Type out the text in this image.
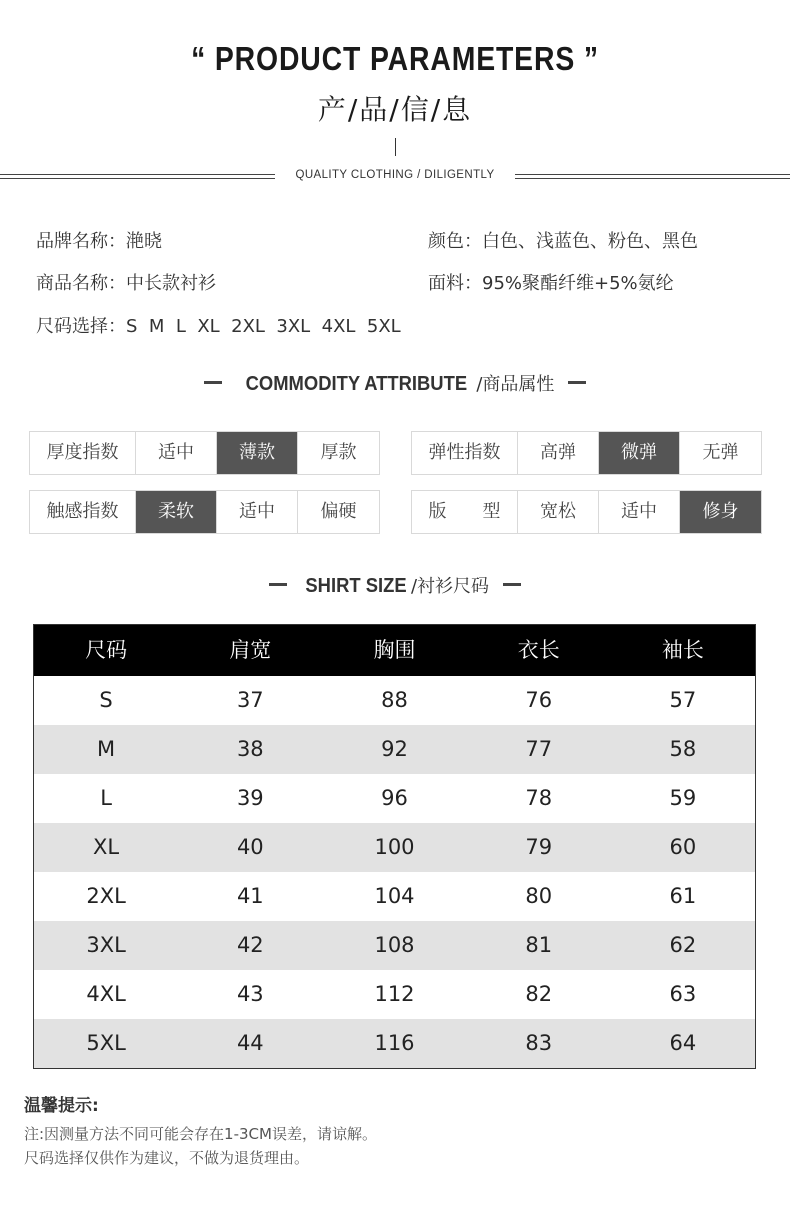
“ PRODUCT PARAMETERS ”
产/品/信/息
QUALITY CLOTHING / DILIGENTLY
品牌名称：滟晓	颜色：白色、浅蓝色、粉色、黑色
商品名称：中长款衬衫	面料：95%聚酯纤维+5%氨纶
尺码选择：S  M  L  XL  2XL  3XL  4XL  5XL
COMMODITY ATTRIBUTE /商品属性
厚度指数	适中	薄款	厚款	弹性指数	高弹	微弹	无弹
触感指数	柔软	适中	偏硬	版　　型	宽松	适中	修身
SHIRT SIZE /衬衫尺码
尺码	肩宽	胸围	衣长	袖长
S	37	88	76	57
M	38	92	77	58
L	39	96	78	59
XL	40	100	79	60
2XL	41	104	80	61
3XL	42	108	81	62
4XL	43	112	82	63
5XL	44	116	83	64
温馨提示:
注:因测量方法不同可能会存在1-3CM误差，请谅解。
尺码选择仅供作为建议，不做为退货理由。
